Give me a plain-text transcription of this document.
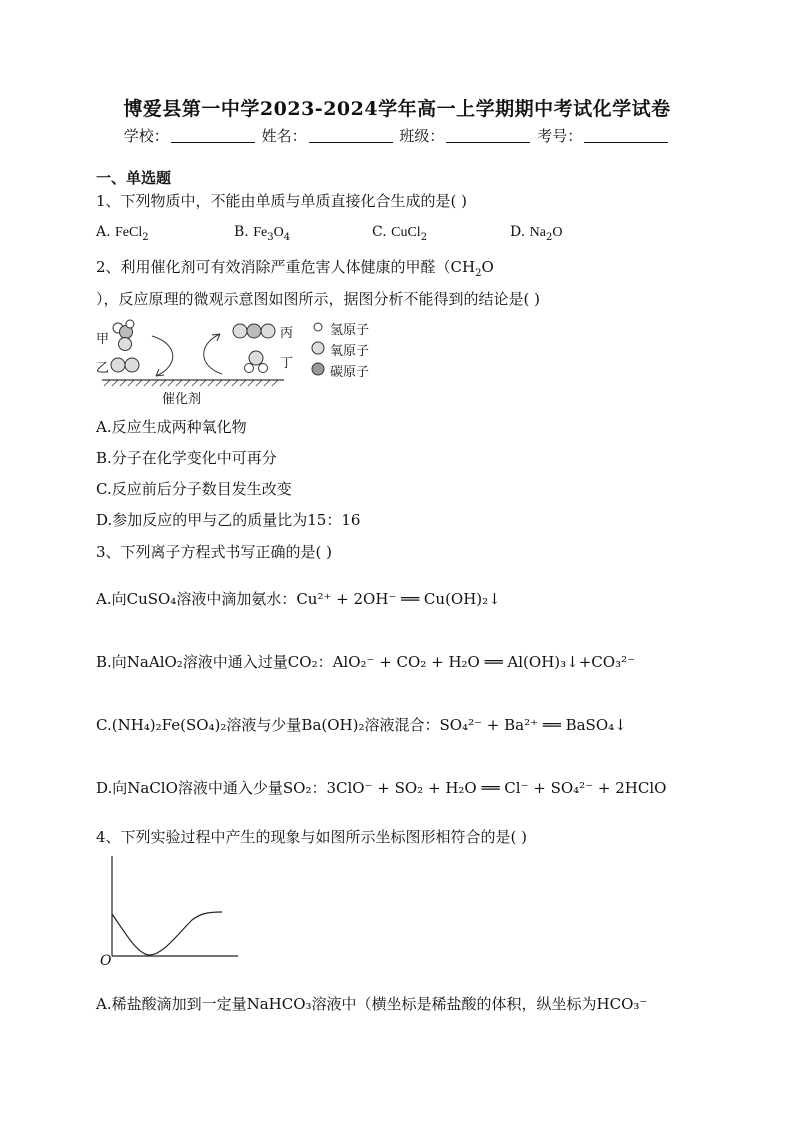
博爱县第一中学2023-2024学年高一上学期期中考试化学试卷
学校：	姓名：	班级：	考号：
一、单选题
1、下列物质中，不能由单质与单质直接化合生成的是( )
A. FeCl$_2$	B. $Fe_3O_4$	C. CuCl$_2$	D. $Na_2O$
2、利用催化剂可有效消除严重危害人体健康的甲醛（$CH_2O$
），反应原理的微观示意图如图所示，据图分析不能得到的结论是( )
甲
乙
丙
丁
催化剂
氢原子
氧原子
碳原子
A.反应生成两种氧化物
B.分子在化学变化中可再分
C.反应前后分子数目发生改变
D.参加反应的甲与乙的质量比为15：16
3、下列离子方程式书写正确的是( )
A.向CuSO₄溶液中滴加氨水：Cu²⁺ + 2OH⁻ ══ Cu(OH)₂↓
B.向NaAlO₂溶液中通入过量CO₂：AlO₂⁻ + CO₂ + H₂O ══ Al(OH)₃↓+CO₃²⁻
C.(NH₄)₂Fe(SO₄)₂溶液与少量Ba(OH)₂溶液混合：SO₄²⁻ + Ba²⁺ ══ BaSO₄↓
D.向NaClO溶液中通入少量SO₂：3ClO⁻ + SO₂ + H₂O ══ Cl⁻ + SO₄²⁻ + 2HClO
4、下列实验过程中产生的现象与如图所示坐标图形相符合的是( )
O
A.稀盐酸滴加到一定量NaHCO₃溶液中（横坐标是稀盐酸的体积，纵坐标为HCO₃⁻
